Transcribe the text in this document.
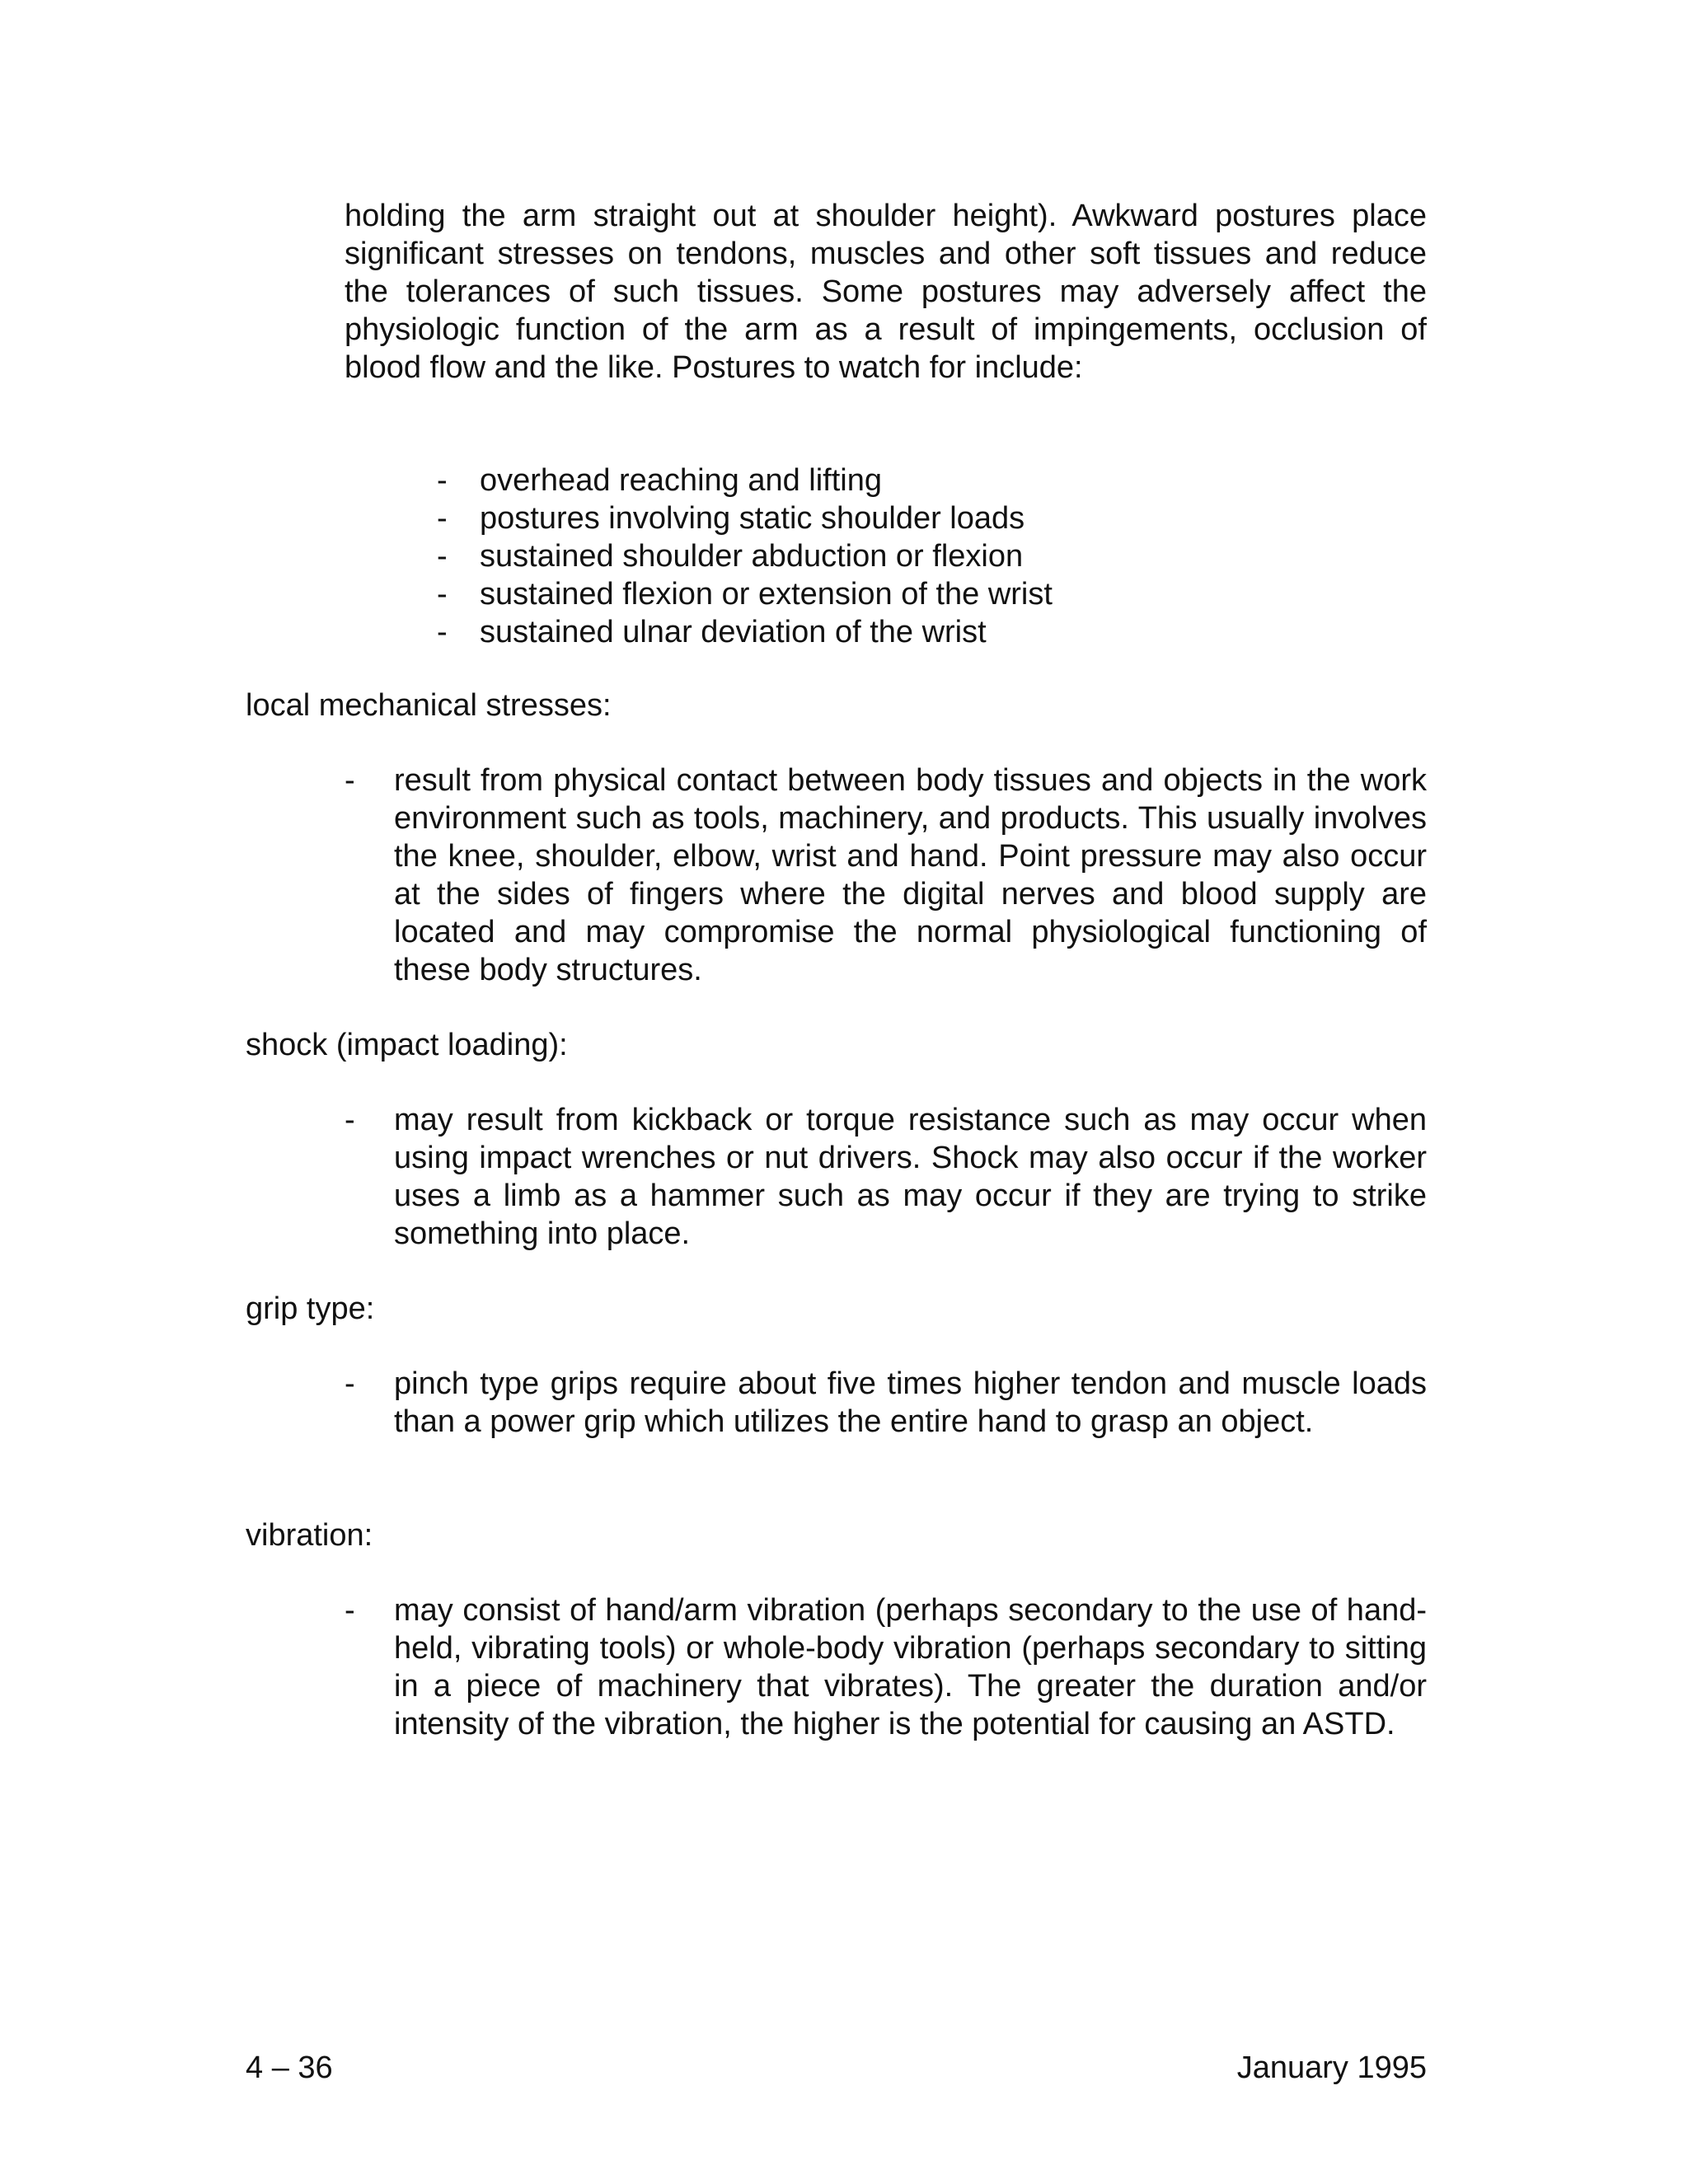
holding the arm straight out at shoulder height). Awkward postures place significant stresses on tendons, muscles and other soft tissues and reduce the tolerances of such tissues. Some postures may adversely affect the physiologic function of the arm as a result of impingements, occlusion of blood flow and the like. Postures to watch for include:

- overhead reaching and lifting
- postures involving static shoulder loads
- sustained shoulder abduction or flexion
- sustained flexion or extension of the wrist
- sustained ulnar deviation of the wrist
local mechanical stresses:
- result from physical contact between body tissues and objects in the work environment such as tools, machinery, and products. This usually involves the knee, shoulder, elbow, wrist and hand. Point pressure may also occur at the sides of fingers where the digital nerves and blood supply are located and may compromise the normal physiological functioning of these body structures.
shock (impact loading):
- may result from kickback or torque resistance such as may occur when using impact wrenches or nut drivers. Shock may also occur if the worker uses a limb as a hammer such as may occur if they are trying to strike something into place.
grip type:
- pinch type grips require about five times higher tendon and muscle loads than a power grip which utilizes the entire hand to grasp an object.
vibration:
- may consist of hand/arm vibration (perhaps secondary to the use of hand-held, vibrating tools) or whole-body vibration (perhaps secondary to sitting in a piece of machinery that vibrates). The greater the duration and/or intensity of the vibration, the higher is the potential for causing an ASTD.
4 – 36	January 1995
